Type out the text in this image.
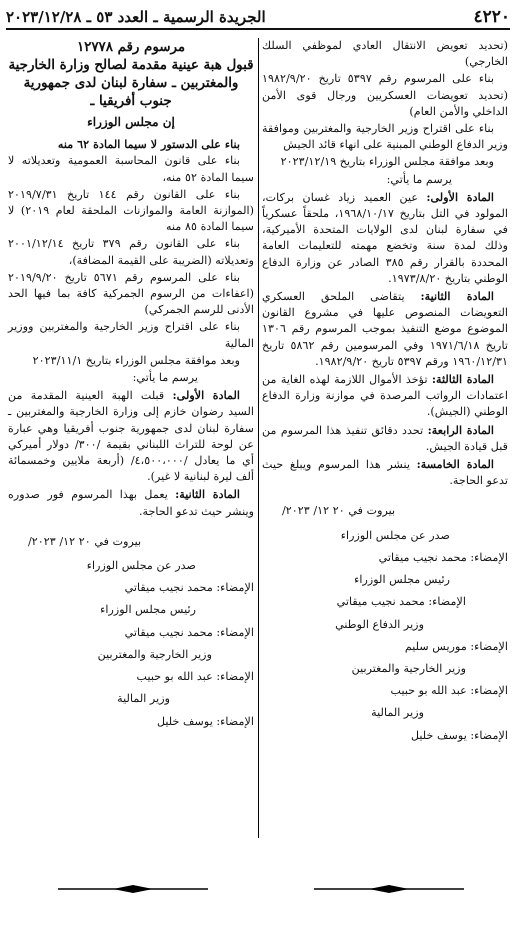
٤٢٢٠
الجريدة الرسمية ـ العدد ٥٣ ـ ٢٠٢٣/١٢/٢٨

(تحديد تعويض الانتقال العادي لموظفي السلك الخارجي)

بناء على المرسوم رقم ٥٣٩٧ تاريخ ١٩٨٢/٩/٢٠ (تحديد تعويضات العسكريين ورجال قوى الأمن الداخلي والأمن العام)

بناء على اقتراح وزير الخارجية والمغتربين وموافقة وزير الدفاع الوطني المبنية على انهاء قائد الجيش

وبعد موافقة مجلس الوزراء بتاريخ ٢٠٢٣/١٢/١٩

يرسم ما يأتي:

المادة الأولى: عين العميد زياد غسان بركات، المولود في التل بتاريخ ١٩٦٨/١٠/١٧، ملحقاً عسكرياً في سفارة لبنان لدى الولايات المتحدة الأميركية، وذلك لمدة سنة وتخضع مهمته للتعليمات العامة المحددة بالقرار رقم ٣٨٥ الصادر عن وزارة الدفاع الوطني بتاريخ ١٩٧٣/٨/٢٠.

المادة الثانية: يتقاضى الملحق العسكري التعويضات المنصوص عليها في مشروع القانون الموضوع موضع التنفيذ بموجب المرسوم رقم ١٣٠٦ تاريخ ١٩٧١/٦/١٨ وفي المرسومين رقم ٥٨٦٢ تاريخ ١٩٦٠/١٢/٣١ ورقم ٥٣٩٧ تاريخ ١٩٨٢/٩/٢٠.

المادة الثالثة: تؤخذ الأموال اللازمة لهذه الغاية من اعتمادات الرواتب المرصدة في موازنة وزارة الدفاع الوطني (الجيش).

المادة الرابعة: تحدد دقائق تنفيذ هذا المرسوم من قبل قيادة الجيش.

المادة الخامسة: ينشر هذا المرسوم ويبلغ حيث تدعو الحاجة.

بيروت في ٢٠ ١٢/ ٢٠٢٣/

صدر عن مجلس الوزراء

الإمضاء: محمد نجيب ميقاتي

رئيس مجلس الوزراء

الإمضاء: محمد نجيب ميقاتي

وزير الدفاع الوطني

الإمضاء: موريس سليم

وزير الخارجية والمغتربين

الإمضاء: عبد الله بو حبيب

وزير المالية

الإمضاء: يوسف خليل

مرسوم رقم ١٢٧٧٨

قبول هبة عينية مقدمة لصالح وزارة الخارجية والمغتربين ـ سفارة لبنان لدى جمهورية جنوب أفريقيا ـ

إن مجلس الوزراء

بناء على الدستور لا سيما المادة ٦٢ منه

بناء على قانون المحاسبة العمومية وتعديلاته لا سيما المادة ٥٢ منه،

بناء على القانون رقم ١٤٤ تاريخ ٢٠١٩/٧/٣١ (الموازنة العامة والموازنات الملحقة لعام ٢٠١٩) لا سيما المادة ٨٥ منه

بناء على القانون رقم ٣٧٩ تاريخ ٢٠٠١/١٢/١٤ وتعديلاته (الضريبة على القيمة المضافة)،

بناء على المرسوم رقم ٥٦٧١ تاريخ ٢٠١٩/٩/٢٠ (اعفاءات من الرسوم الجمركية كافة بما فيها الحد الأدنى للرسم الجمركي)

بناء على اقتراح وزير الخارجية والمغتربين ووزير المالية

وبعد موافقة مجلس الوزراء بتاريخ ٢٠٢٣/١١/١

يرسم ما يأتي:

المادة الأولى: قبلت الهبة العينية المقدمة من السيد رضوان خازم إلى وزارة الخارجية والمغتربين ـ سفارة لبنان لدى جمهورية جنوب أفريقيا وهي عبارة عن لوحة للتراث اللبناني بقيمة /٣٠٠/ دولار أميركي أي ما يعادل /٤،٥٠٠،٠٠٠/ (أربعة ملايين وخمسمائة ألف ليرة لبنانية لا غير).

المادة الثانية: يعمل بهذا المرسوم فور صدوره وينشر حيث تدعو الحاجة.

بيروت في ٢٠ ١٢/ ٢٠٢٣/

صدر عن مجلس الوزراء

الإمضاء: محمد نجيب ميقاتي

رئيس مجلس الوزراء

الإمضاء: محمد نجيب ميقاتي

وزير الخارجية والمغتربين

الإمضاء: عبد الله بو حبيب

وزير المالية

الإمضاء: يوسف خليل
